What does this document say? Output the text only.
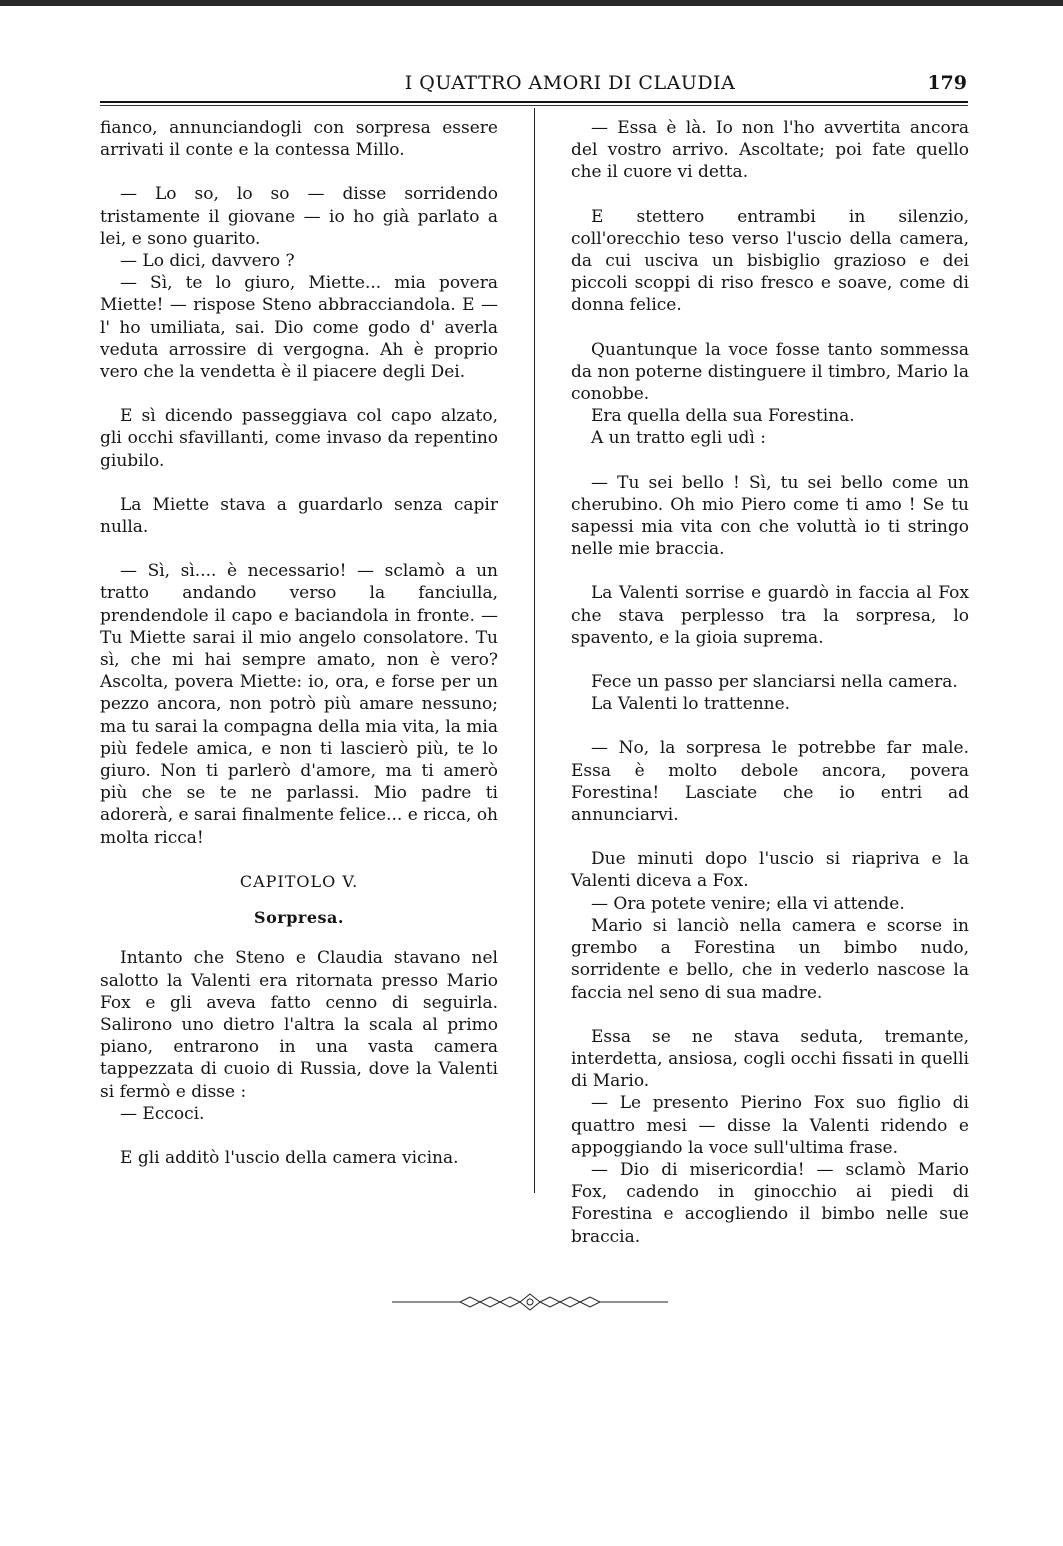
I QUATTRO AMORI DI CLAUDIA	179

fianco, annunciandogli con sorpresa essere arrivati il conte e la contessa Millo.

— Lo so, lo so — disse sorridendo tristamente il giovane — io ho già parlato a lei, e sono guarito.

— Lo dici, davvero ?

— Sì, te lo giuro, Miette... mia povera Miette! — rispose Steno abbracciandola. E — l' ho umiliata, sai. Dio come godo d' averla veduta arrossire di vergogna. Ah è proprio vero che la vendetta è il piacere degli Dei.

E sì dicendo passeggiava col capo alzato, gli occhi sfavillanti, come invaso da repentino giubilo.

La Miette stava a guardarlo senza capir nulla.

— Sì, sì.... è necessario! — sclamò a un tratto andando verso la fanciulla, prendendole il capo e baciandola in fronte. — Tu Miette sarai il mio angelo consolatore. Tu sì, che mi hai sempre amato, non è vero? Ascolta, povera Miette: io, ora, e forse per un pezzo ancora, non potrò più amare nessuno; ma tu sarai la compagna della mia vita, la mia più fedele amica, e non ti lascierò più, te lo giuro. Non ti parlerò d'amore, ma ti amerò più che se te ne parlassi. Mio padre ti adorerà, e sarai finalmente felice... e ricca, oh molta ricca!

CAPITOLO V.
Sorpresa.

Intanto che Steno e Claudia stavano nel salotto la Valenti era ritornata presso Mario Fox e gli aveva fatto cenno di seguirla. Salirono uno dietro l'altra la scala al primo piano, entrarono in una vasta camera tappezzata di cuoio di Russia, dove la Valenti si fermò e disse :

— Eccoci.

E gli additò l'uscio della camera vicina.

— Essa è là. Io non l'ho avvertita ancora del vostro arrivo. Ascoltate; poi fate quello che il cuore vi detta.

E stettero entrambi in silenzio, coll'orecchio teso verso l'uscio della camera, da cui usciva un bisbiglio grazioso e dei piccoli scoppi di riso fresco e soave, come di donna felice.

Quantunque la voce fosse tanto sommessa da non poterne distinguere il timbro, Mario la conobbe.

Era quella della sua Forestina.

A un tratto egli udì :

— Tu sei bello ! Sì, tu sei bello come un cherubino. Oh mio Piero come ti amo ! Se tu sapessi mia vita con che voluttà io ti stringo nelle mie braccia.

La Valenti sorrise e guardò in faccia al Fox che stava perplesso tra la sorpresa, lo spavento, e la gioia suprema.

Fece un passo per slanciarsi nella camera.

La Valenti lo trattenne.

— No, la sorpresa le potrebbe far male. Essa è molto debole ancora, povera Forestina! Lasciate che io entri ad annunciarvi.

Due minuti dopo l'uscio si riapriva e la Valenti diceva a Fox.

— Ora potete venire; ella vi attende.

Mario si lanciò nella camera e scorse in grembo a Forestina un bimbo nudo, sorridente e bello, che in vederlo nascose la faccia nel seno di sua madre.

Essa se ne stava seduta, tremante, interdetta, ansiosa, cogli occhi fissati in quelli di Mario.

— Le presento Pierino Fox suo figlio di quattro mesi — disse la Valenti ridendo e appoggiando la voce sull'ultima frase.

— Dio di misericordia! — sclamò Mario Fox, cadendo in ginocchio ai piedi di Forestina e accogliendo il bimbo nelle sue braccia.
